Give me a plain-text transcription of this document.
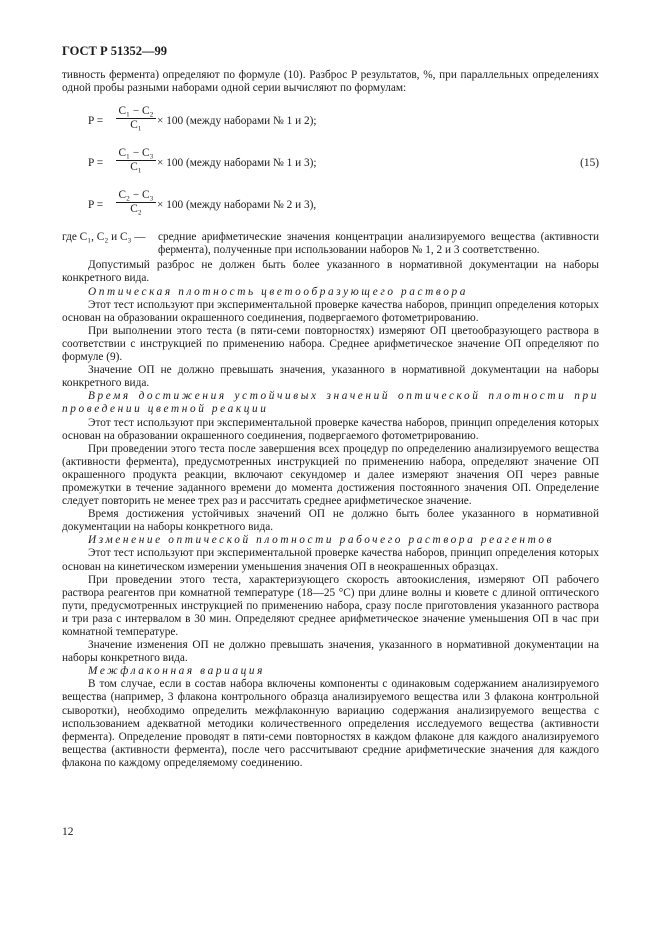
ГОСТ Р 51352—99

тивность фермента) определяют по формуле (10). Разброс P результатов, %, при параллельных определениях одной пробы разными наборами одной серии вычисляют по формулам:

$P = \frac{\text{C₁ − C₂}}{\text{C₁}} \times 100$ (между наборами № 1 и 2);
$P = \frac{\text{C₁ − C₃}}{\text{C₁}} \times 100$ (между наборами № 1 и 3);	(15)
$P = \frac{\text{C₂ − C₃}}{\text{C₂}} \times 100$ (между наборами № 2 и 3),
где C₁, C₂ и C₃ —	средние арифметические значения концентрации анализируемого вещества (активности фермента), полученные при использовании наборов № 1, 2 и 3 соответственно.

Допустимый разброс не должен быть более указанного в нормативной документации на наборы конкретного вида.

Оптическая плотность цветообразующего раствора

Этот тест используют при экспериментальной проверке качества наборов, принцип определения которых основан на образовании окрашенного соединения, подвергаемого фотометрированию.

При выполнении этого теста (в пяти-семи повторностях) измеряют ОП цветообразующего раствора в соответствии с инструкцией по применению набора. Среднее арифметическое значение ОП определяют по формуле (9).

Значение ОП не должно превышать значения, указанного в нормативной документации на наборы конкретного вида.

Время достижения устойчивых значений оптической плотности при проведении цветной реакции

Этот тест используют при экспериментальной проверке качества наборов, принцип определения которых основан на образовании окрашенного соединения, подвергаемого фотометрированию.

При проведении этого теста после завершения всех процедур по определению анализируемого вещества (активности фермента), предусмотренных инструкцией по применению набора, определяют значение ОП окрашенного продукта реакции, включают секундомер и далее измеряют значения ОП через равные промежутки в течение заданного времени до момента достижения постоянного значения ОП. Определение следует повторить не менее трех раз и рассчитать среднее арифметическое значение.

Время достижения устойчивых значений ОП не должно быть более указанного в нормативной документации на наборы конкретного вида.

Изменение оптической плотности рабочего раствора реагентов

Этот тест используют при экспериментальной проверке качества наборов, принцип определения которых основан на кинетическом измерении уменьшения значения ОП в неокрашенных образцах.

При проведении этого теста, характеризующего скорость автоокисления, измеряют ОП рабочего раствора реагентов при комнатной температуре (18—25 °С) при длине волны и кювете с длиной оптического пути, предусмотренных инструкцией по применению набора, сразу после приготовления указанного раствора и три раза с интервалом в 30 мин. Определяют среднее арифметическое значение уменьшения ОП в час при комнатной температуре.

Значение изменения ОП не должно превышать значения, указанного в нормативной документации на наборы конкретного вида.

Межфлаконная вариация

В том случае, если в состав набора включены компоненты с одинаковым содержанием анализируемого вещества (например, 3 флакона контрольного образца анализируемого вещества или 3 флакона контрольной сыворотки), необходимо определить межфлаконную вариацию содержания анализируемого вещества с использованием адекватной методики количественного определения исследуемого вещества (активности фермента). Определение проводят в пяти-семи повторностях в каждом флаконе для каждого анализируемого вещества (активности фермента), после чего рассчитывают средние арифметические значения для каждого флакона по каждому определяемому соединению.

12
